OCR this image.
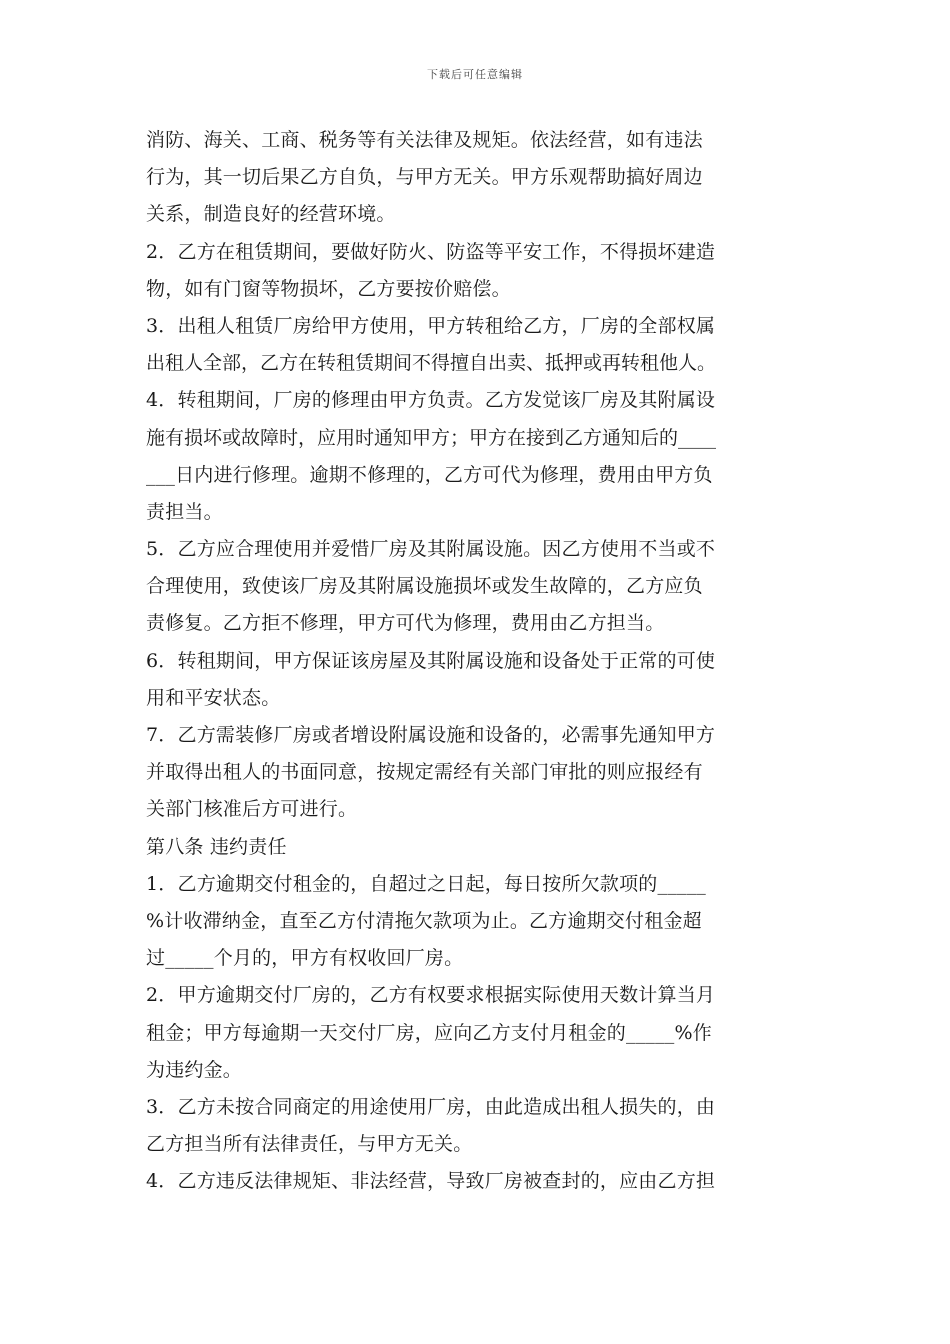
下载后可任意编辑
消防、海关、工商、税务等有关法律及规矩。依法经营，如有违法
行为，其一切后果乙方自负，与甲方无关。甲方乐观帮助搞好周边
关系，制造良好的经营环境。
2．乙方在租赁期间，要做好防火、防盗等平安工作，不得损坏建造
物，如有门窗等物损坏，乙方要按价赔偿。
3．出租人租赁厂房给甲方使用，甲方转租给乙方，厂房的全部权属
出租人全部，乙方在转租赁期间不得擅自出卖、抵押或再转租他人。
4．转租期间，厂房的修理由甲方负责。乙方发觉该厂房及其附属设
施有损坏或故障时，应用时通知甲方；甲方在接到乙方通知后的____
___日内进行修理。逾期不修理的，乙方可代为修理，费用由甲方负
责担当。
5．乙方应合理使用并爱惜厂房及其附属设施。因乙方使用不当或不
合理使用，致使该厂房及其附属设施损坏或发生故障的，乙方应负
责修复。乙方拒不修理，甲方可代为修理，费用由乙方担当。
6．转租期间，甲方保证该房屋及其附属设施和设备处于正常的可使
用和平安状态。
7．乙方需装修厂房或者增设附属设施和设备的，必需事先通知甲方
并取得出租人的书面同意，按规定需经有关部门审批的则应报经有
关部门核准后方可进行。
第八条 违约责任
1．乙方逾期交付租金的，自超过之日起，每日按所欠款项的_____
%计收滞纳金，直至乙方付清拖欠款项为止。乙方逾期交付租金超
过_____个月的，甲方有权收回厂房。
2．甲方逾期交付厂房的，乙方有权要求根据实际使用天数计算当月
租金；甲方每逾期一天交付厂房，应向乙方支付月租金的_____%作
为违约金。
3．乙方未按合同商定的用途使用厂房，由此造成出租人损失的，由
乙方担当所有法律责任，与甲方无关。
4．乙方违反法律规矩、非法经营，导致厂房被查封的，应由乙方担
